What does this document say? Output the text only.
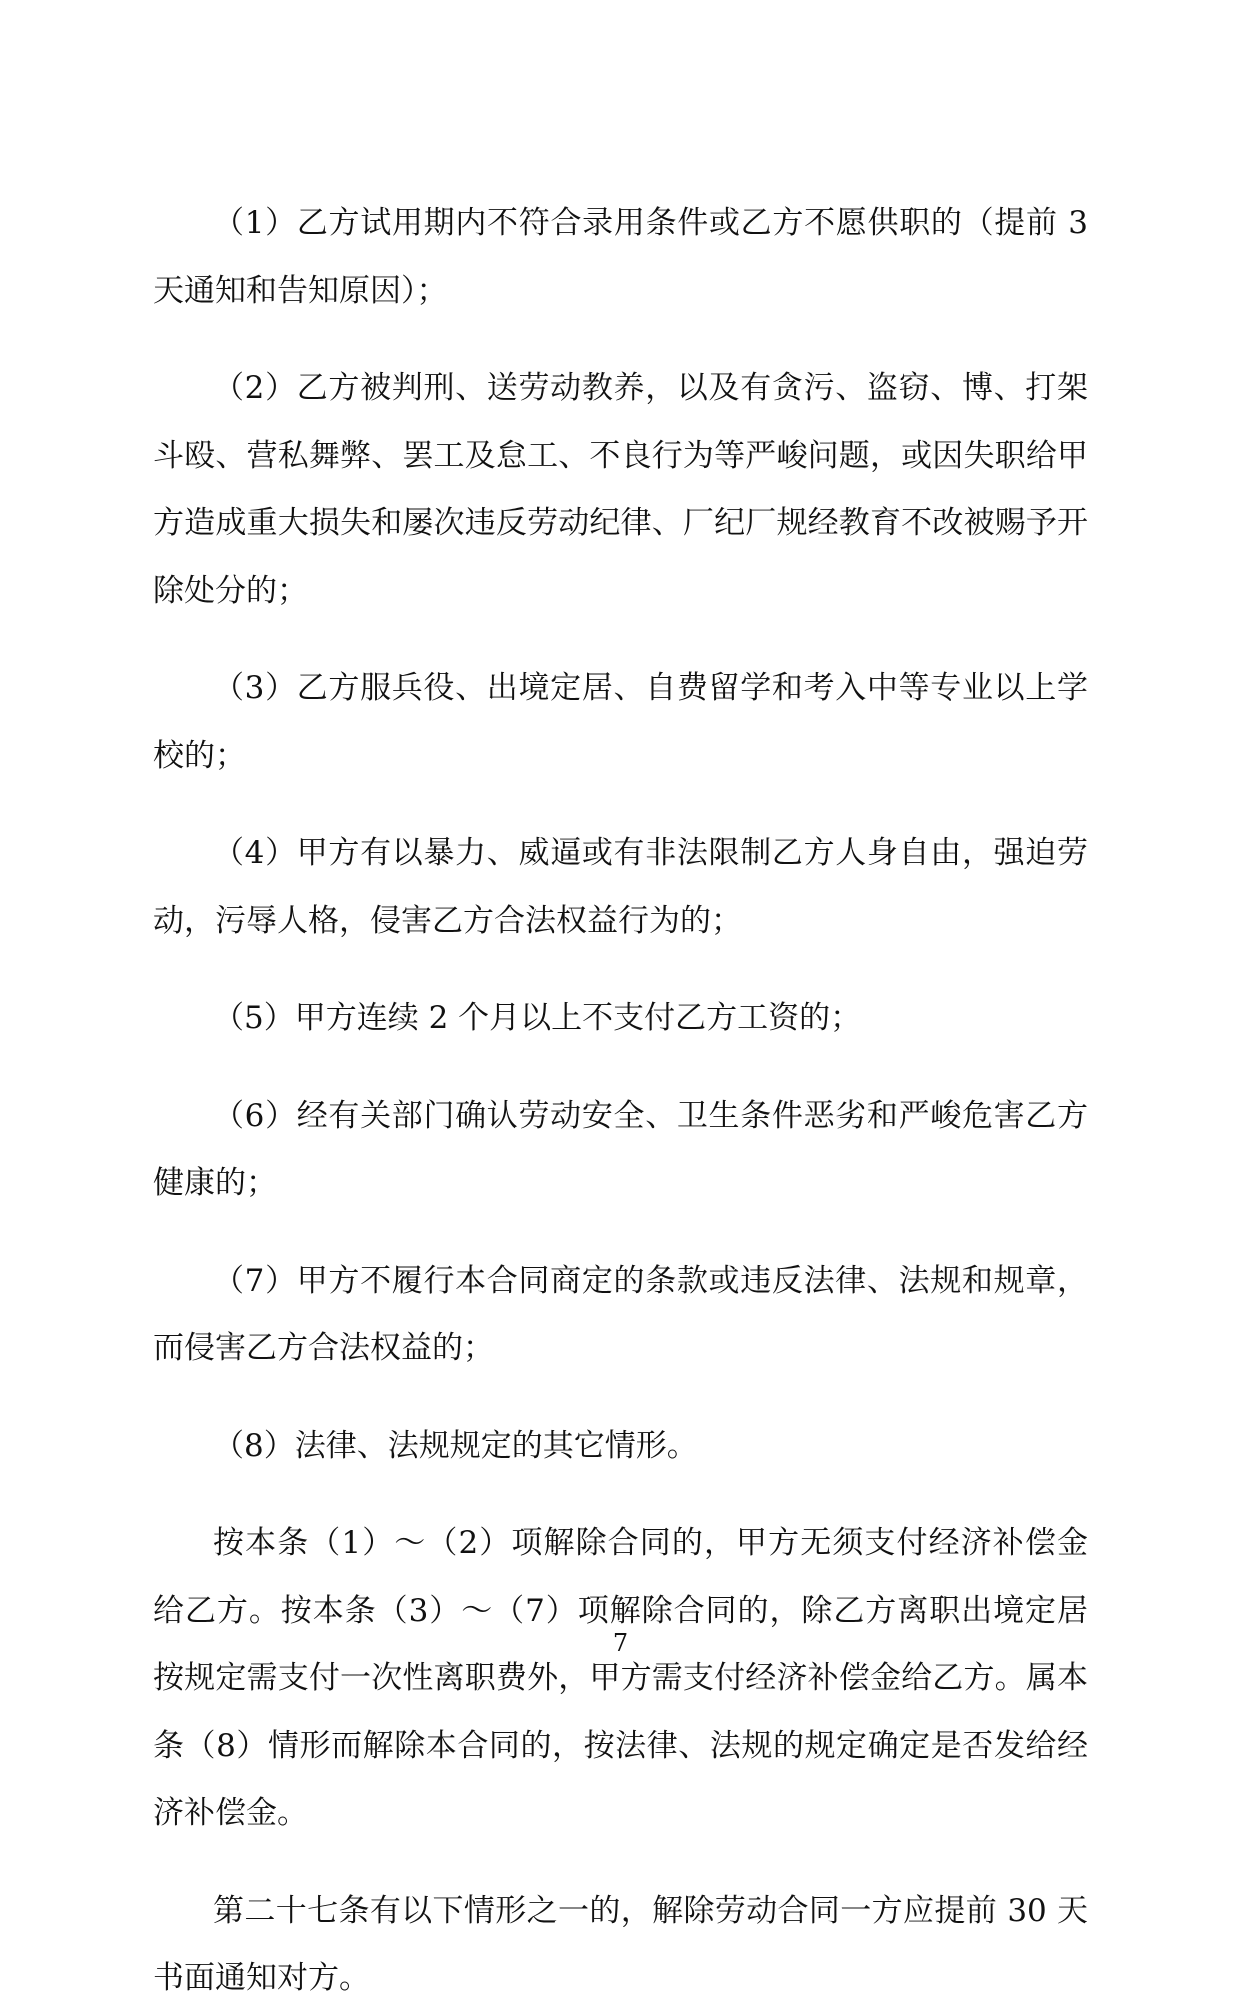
（1）乙方试用期内不符合录用条件或乙方不愿供职的（提前 3 天通知和告知原因）；

（2）乙方被判刑、送劳动教养，以及有贪污、盗窃、博、打架斗殴、营私舞弊、罢工及怠工、不良行为等严峻问题，或因失职给甲方造成重大损失和屡次违反劳动纪律、厂纪厂规经教育不改被赐予开除处分的；

（3）乙方服兵役、出境定居、自费留学和考入中等专业以上学校的；

（4）甲方有以暴力、威逼或有非法限制乙方人身自由，强迫劳动，污辱人格，侵害乙方合法权益行为的；

（5）甲方连续 2 个月以上不支付乙方工资的；

（6）经有关部门确认劳动安全、卫生条件恶劣和严峻危害乙方健康的；

（7）甲方不履行本合同商定的条款或违反法律、法规和规章，而侵害乙方合法权益的；

（8）法律、法规规定的其它情形。

按本条（1）～（2）项解除合同的，甲方无须支付经济补偿金给乙方。按本条（3）～（7）项解除合同的，除乙方离职出境定居按规定需支付一次性离职费外，甲方需支付经济补偿金给乙方。属本条（8）情形而解除本合同的，按法律、法规的规定确定是否发给经济补偿金。

第二十七条有以下情形之一的，解除劳动合同一方应提前 30 天书面通知对方。

7
